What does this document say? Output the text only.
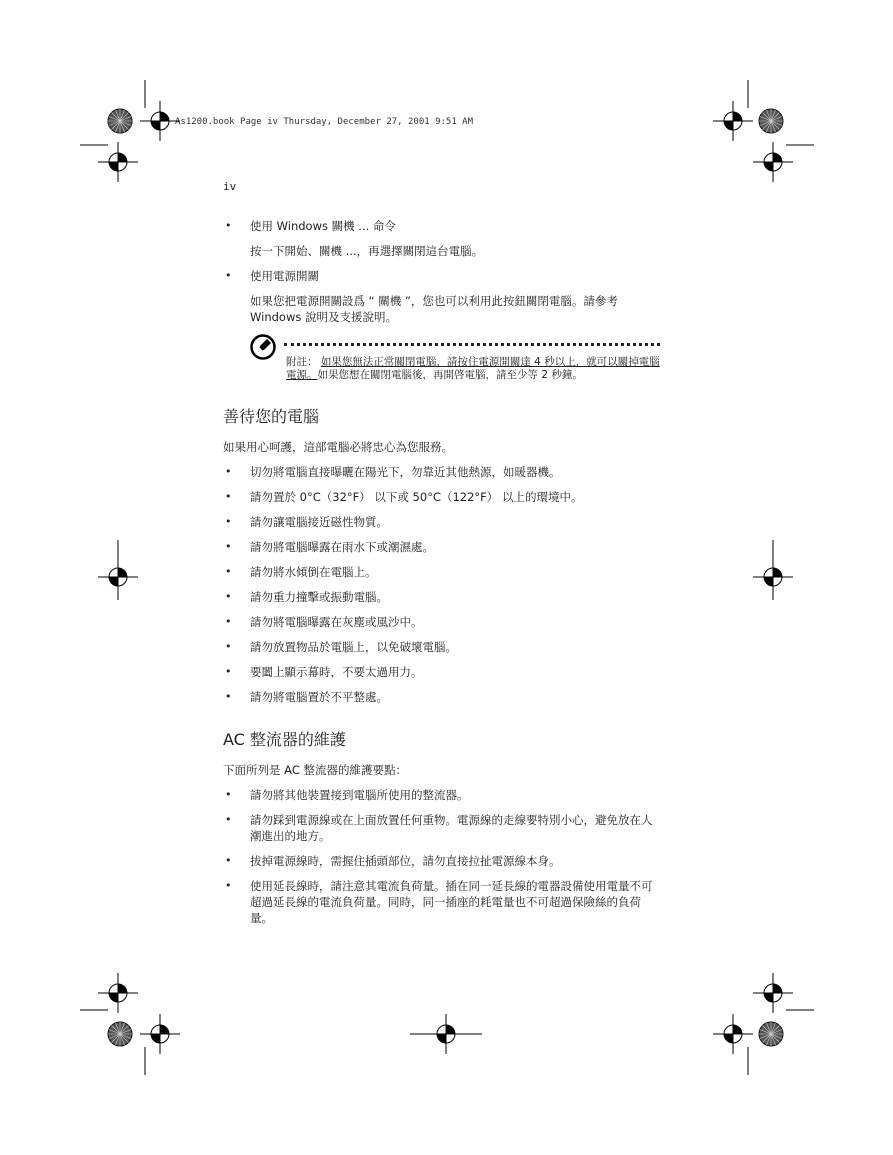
As1200.book Page iv Thursday, December 27, 2001 9:51 AM
iv
• 使用 Windows 關機 ... 命令
按一下開始、關機 ...，再選擇關閉這台電腦。
• 使用電源開關
如果您把電源開關設爲 “ 關機 ”，您也可以利用此按鈕關閉電腦。請參考 Windows 說明及支援說明。
附註： 如果您無法正常關閉電腦，請按住電源開關達 4 秒以上，就可以關掉電腦電源。如果您想在關閉電腦後，再開啓電腦，請至少等 2 秒鐘。
善待您的電腦

如果用心呵護，這部電腦必將忠心為您服務。

• 切勿將電腦直接曝曬在陽光下，勿靠近其他熱源，如暖器機。
• 請勿置於 0°C（32°F） 以下或 50°C（122°F） 以上的環境中。
• 請勿讓電腦接近磁性物質。
• 請勿將電腦曝露在雨水下或潮濕處。
• 請勿將水傾倒在電腦上。
• 請勿重力撞擊或振動電腦。
• 請勿將電腦曝露在灰塵或風沙中。
• 請勿放置物品於電腦上，以免破壞電腦。
• 要闔上顯示幕時，不要太過用力。
• 請勿將電腦置於不平整處。
AC 整流器的維護

下面所列是 AC 整流器的維護要點：

• 請勿將其他裝置接到電腦所使用的整流器。
• 請勿踩到電源線或在上面放置任何重物。電源線的走線要特別小心，避免放在人潮進出的地方。
• 拔掉電源線時，需握住插頭部位，請勿直接拉扯電源線本身。
• 使用延長線時，請注意其電流負荷量。插在同一延長線的電器設備使用電量不可超過延長線的電流負荷量。同時，同一插座的耗電量也不可超過保險絲的負荷量。
